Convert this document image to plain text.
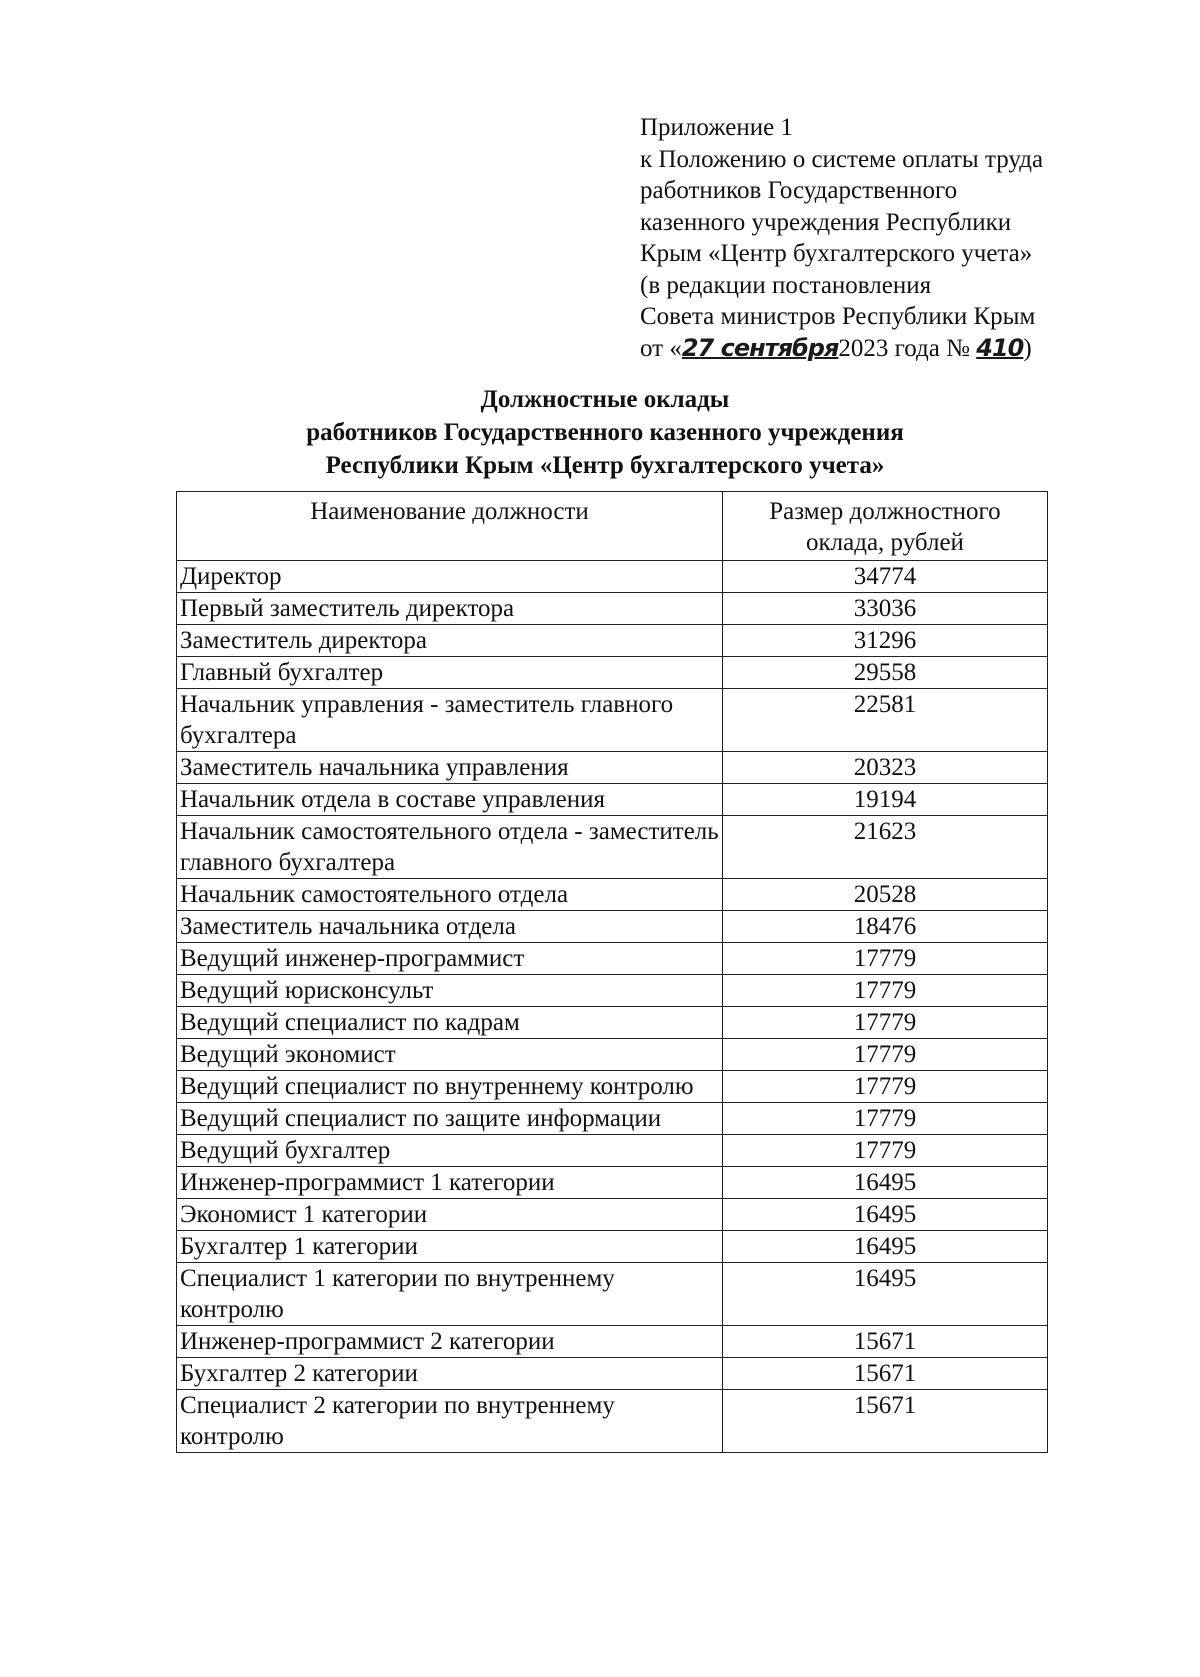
Приложение 1
к Положению о системе оплаты труда
работников Государственного
казенного учреждения Республики
Крым «Центр бухгалтерского учета»
(в редакции постановления
Совета министров Республики Крым
от «27 сентября2023 года № 410)
Должностные оклады
работников Государственного казенного учреждения
Республики Крым «Центр бухгалтерского учета»
Наименование должности	Размер должностного оклада, рублей
Директор	34774
Первый заместитель директора	33036
Заместитель директора	31296
Главный бухгалтер	29558
Начальник управления - заместитель главного бухгалтера	22581
Заместитель начальника управления	20323
Начальник отдела в составе управления	19194
Начальник самостоятельного отдела - заместитель главного бухгалтера	21623
Начальник самостоятельного отдела	20528
Заместитель начальника отдела	18476
Ведущий инженер-программист	17779
Ведущий юрисконсульт	17779
Ведущий специалист по кадрам	17779
Ведущий экономист	17779
Ведущий специалист по внутреннему контролю	17779
Ведущий специалист по защите информации	17779
Ведущий бухгалтер	17779
Инженер-программист 1 категории	16495
Экономист 1 категории	16495
Бухгалтер 1 категории	16495
Специалист 1 категории по внутреннему контролю	16495
Инженер-программист 2 категории	15671
Бухгалтер 2 категории	15671
Специалист 2 категории по внутреннему контролю	15671
